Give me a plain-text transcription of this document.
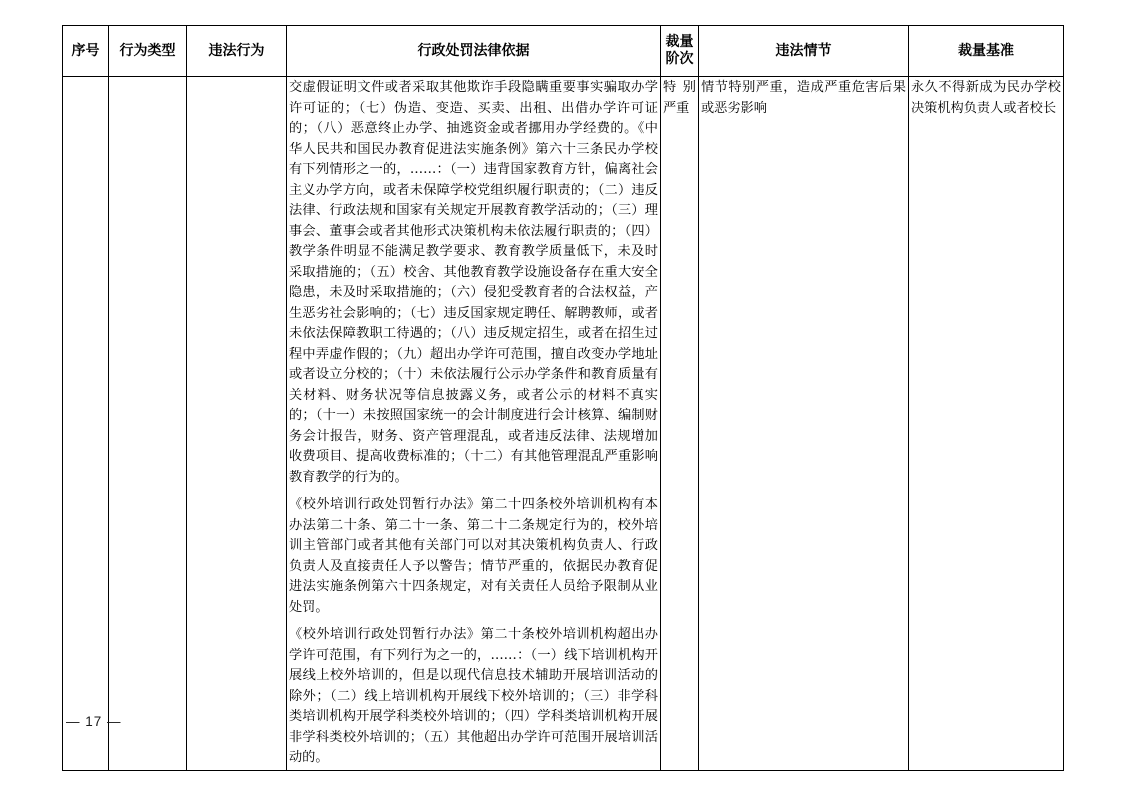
序号	行为类型	违法行为	行政处罚法律依据	裁量阶次	违法情节	裁量基准

			交虚假证明文件或者采取其他欺诈手段隐瞒重要事实骗取办学许可证的；（七）伪造、变造、买卖、出租、出借办学许可证的；（八）恶意终止办学、抽逃资金或者挪用办学经费的。《中华人民共和国民办教育促进法实施条例》第六十三条民办学校有下列情形之一的，……：（一）违背国家教育方针，偏离社会主义办学方向，或者未保障学校党组织履行职责的；（二）违反法律、行政法规和国家有关规定开展教育教学活动的；（三）理事会、董事会或者其他形式决策机构未依法履行职责的；（四）教学条件明显不能满足教学要求、教育教学质量低下，未及时采取措施的；（五）校舍、其他教育教学设施设备存在重大安全隐患，未及时采取措施的；（六）侵犯受教育者的合法权益，产生恶劣社会影响的；（七）违反国家规定聘任、解聘教师，或者未依法保障教职工待遇的；（八）违反规定招生，或者在招生过程中弄虚作假的；（九）超出办学许可范围，擅自改变办学地址或者设立分校的；（十）未依法履行公示办学条件和教育质量有关材料、财务状况等信息披露义务，或者公示的材料不真实的；（十一）未按照国家统一的会计制度进行会计核算、编制财务会计报告，财务、资产管理混乱，或者违反法律、法规增加收费项目、提高收费标准的；（十二）有其他管理混乱严重影响教育教学的行为的。

《校外培训行政处罚暂行办法》第二十四条校外培训机构有本办法第二十条、第二十一条、第二十二条规定行为的，校外培训主管部门或者其他有关部门可以对其决策机构负责人、行政负责人及直接责任人予以警告；情节严重的，依据民办教育促进法实施条例第六十四条规定，对有关责任人员给予限制从业处罚。

《校外培训行政处罚暂行办法》第二十条校外培训机构超出办学许可范围，有下列行为之一的，……：（一）线下培训机构开展线上校外培训的，但是以现代信息技术辅助开展培训活动的除外；（二）线上培训机构开展线下校外培训的；（三）非学科类培训机构开展学科类校外培训的；（四）学科类培训机构开展非学科类校外培训的；（五）其他超出办学许可范围开展培训活动的。	特别严重	情节特别严重，造成严重危害后果或恶劣影响	永久不得新成为民办学校决策机构负责人或者校长
— 17 —
